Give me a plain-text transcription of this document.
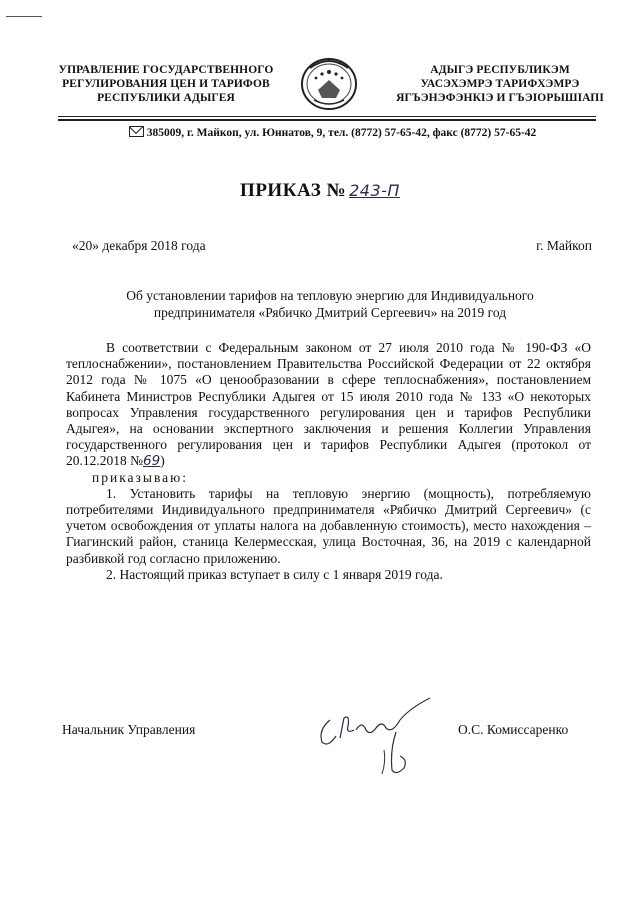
УПРАВЛЕНИЕ ГОСУДАРСТВЕННОГО
РЕГУЛИРОВАНИЯ ЦЕН И ТАРИФОВ
РЕСПУБЛИКИ АДЫГЕЯ
АДЫГЭ РЕСПУБЛИКЭМ
УАСЭХЭМРЭ ТАРИФХЭМРЭ
ЯГЪЭНЭФЭНКІЭ И ГЪЭІОРЫШІАПІ
385009, г. Майкоп, ул. Юннатов, 9, тел. (8772) 57-65-42, факс (8772) 57-65-42
ПРИКАЗ № 243-П
«20» декабря 2018 года	г. Майкоп
Об установлении тарифов на тепловую энергию для Индивидуального
предпринимателя «Рябичко Дмитрий Сергеевич» на 2019 год

В соответствии с Федеральным законом от 27 июля 2010 года № 190-ФЗ «О теплоснабжении», постановлением Правительства Российской Федерации от 22 октября 2012 года № 1075 «О ценообразовании в сфере теплоснабжения», постановлением Кабинета Министров Республики Адыгея от 15 июля 2010 года № 133 «О некоторых вопросах Управления государственного регулирования цен и тарифов Республики Адыгея», на основании экспертного заключения и решения Коллегии Управления государственного регулирования цен и тарифов Республики Адыгея (протокол от 20.12.2018 №69)

приказываю:

1. Установить тарифы на тепловую энергию (мощность), потребляемую потребителями Индивидуального предпринимателя «Рябичко Дмитрий Сергеевич» (с учетом освобождения от уплаты налога на добавленную стоимость), место нахождения – Гиагинский район, станица Келермесская, улица Восточная, 36, на 2019 с календарной разбивкой год согласно приложению.

2. Настоящий приказ вступает в силу с 1 января 2019 года.

Начальник Управления	О.С. Комиссаренко
